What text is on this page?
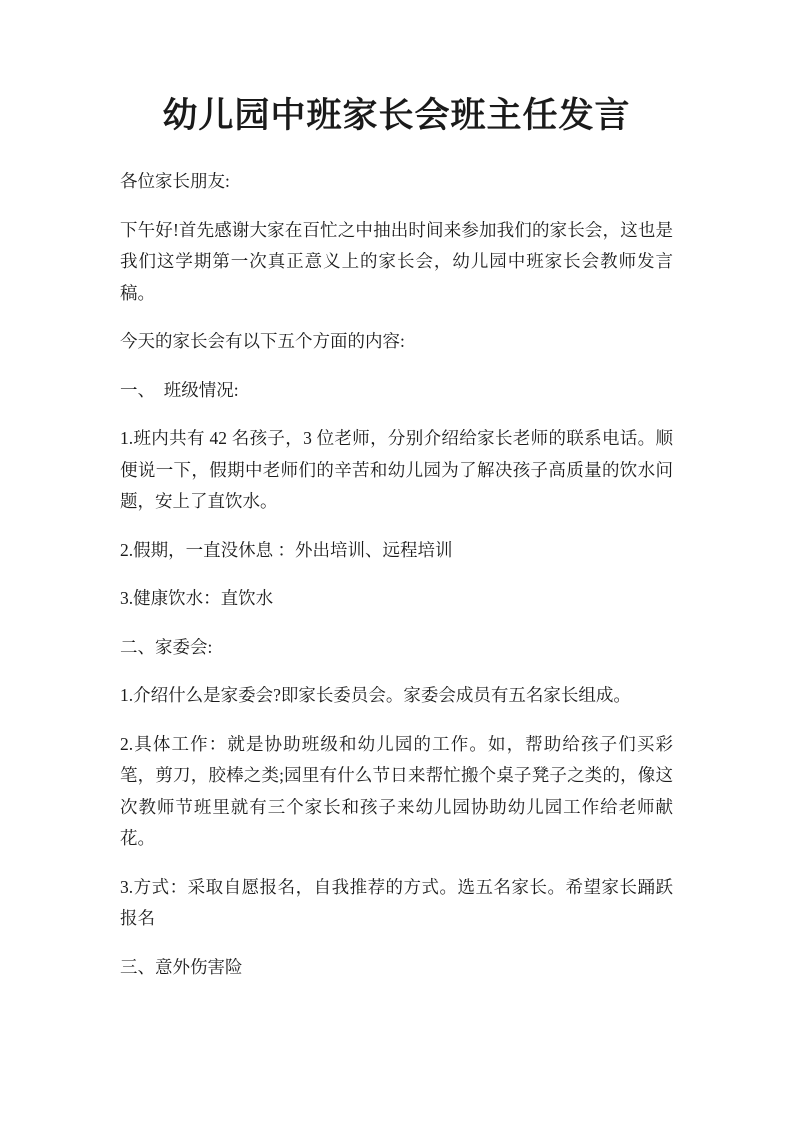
幼儿园中班家长会班主任发言

各位家长朋友:

下午好!首先感谢大家在百忙之中抽出时间来参加我们的家长会，这也是我们这学期第一次真正意义上的家长会，幼儿园中班家长会教师发言稿。

今天的家长会有以下五个方面的内容:

一、　班级情况:

1.班内共有 42 名孩子，3 位老师，分别介绍给家长老师的联系电话。顺便说一下，假期中老师们的辛苦和幼儿园为了解决孩子高质量的饮水问题，安上了直饮水。

2.假期，一直没休息 ：外出培训、远程培训

3.健康饮水：直饮水

二、家委会:

1.介绍什么是家委会?即家长委员会。家委会成员有五名家长组成。

2.具体工作：就是协助班级和幼儿园的工作。如，帮助给孩子们买彩笔，剪刀，胶棒之类;园里有什么节日来帮忙搬个桌子凳子之类的，像这次教师节班里就有三个家长和孩子来幼儿园协助幼儿园工作给老师献花。

3.方式：采取自愿报名，自我推荐的方式。选五名家长。希望家长踊跃报名

三、意外伤害险
